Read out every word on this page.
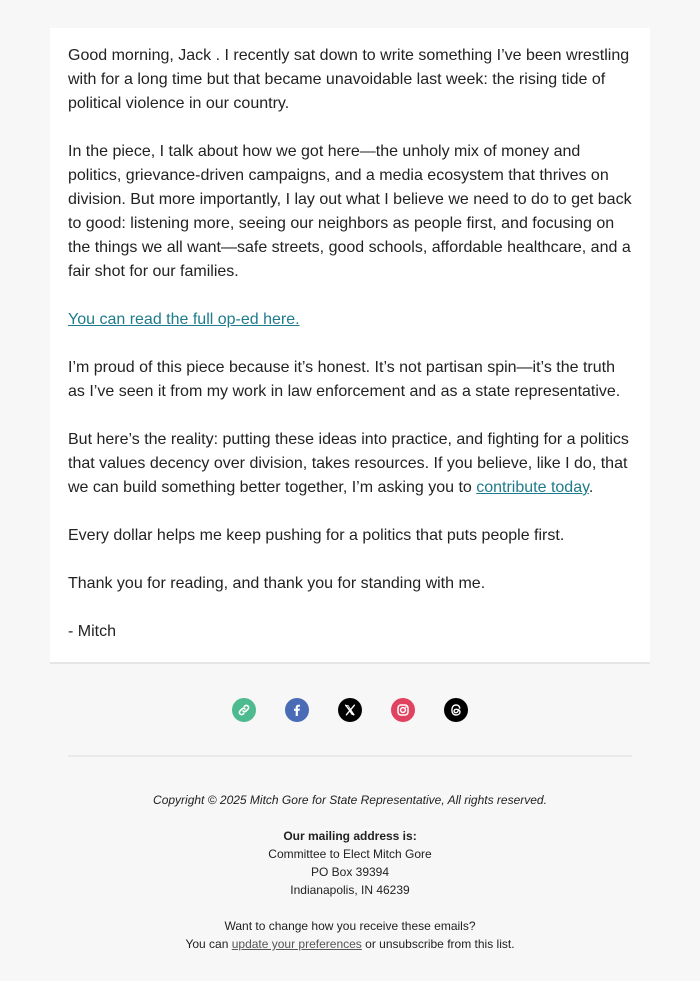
Good morning, Jack . I recently sat down to write something I’ve been wrestling with for a long time but that became unavoidable last week: the rising tide of political violence in our country.

In the piece, I talk about how we got here—the unholy mix of money and politics, grievance-driven campaigns, and a media ecosystem that thrives on division. But more importantly, I lay out what I believe we need to do to get back to good: listening more, seeing our neighbors as people first, and focusing on the things we all want—safe streets, good schools, affordable healthcare, and a fair shot for our families.

You can read the full op-ed here.

I’m proud of this piece because it’s honest. It’s not partisan spin—it’s the truth as I’ve seen it from my work in law enforcement and as a state representative.

But here’s the reality: putting these ideas into practice, and fighting for a politics that values decency over division, takes resources. If you believe, like I do, that we can build something better together, I’m asking you to contribute today.

Every dollar helps me keep pushing for a politics that puts people first.

Thank you for reading, and thank you for standing with me.

- Mitch

Copyright © 2025 Mitch Gore for State Representative, All rights reserved.

Our mailing address is:
Committee to Elect Mitch Gore
PO Box 39394
Indianapolis, IN 46239
Want to change how you receive these emails?
You can update your preferences or unsubscribe from this list.
